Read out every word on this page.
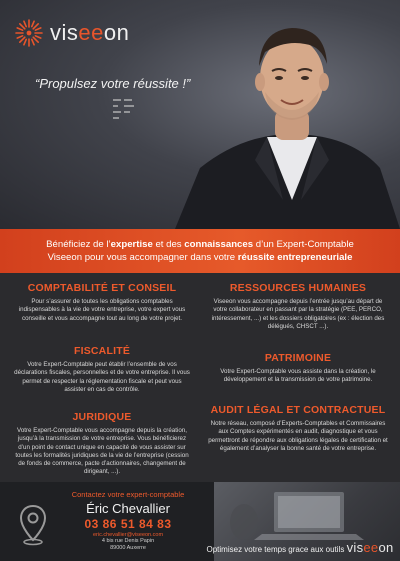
viseeon
“Propulsez votre réussite !”
Bénéficiez de l’expertise et des connaissances d’un Expert-Comptable
Viseeon pour vous accompagner dans votre réussite entrepreneuriale
COMPTABILITÉ ET CONSEIL

Pour s’assurer de toutes les obligations comptables indispensables à la vie de votre entreprise, votre expert vous conseille et vous accompagne tout au long de votre projet.

FISCALITÉ

Votre Expert-Comptable peut établir l’ensemble de vos déclarations fiscales, personnelles et de votre entreprise. Il vous permet de respecter la réglementation fiscale et peut vous assister en cas de contrôle.

JURIDIQUE

Votre Expert-Comptable vous accompagne depuis la création, jusqu’à la transmission de votre entreprise. Vous bénéficierez d’un point de contact unique en capacité de vous assister sur toutes les formalités juridiques de la vie de l’entreprise (cession de fonds de commerce, pacte d’actionnaires, changement de dirigeant, ...).

RESSOURCES HUMAINES

Viseeon vous accompagne depuis l’entrée jusqu’au départ de votre collaborateur en passant par la stratégie (PEE, PERCO, intéressement, ...) et les dossiers obligatoires (ex : élection des délégués, CHSCT ...).

PATRIMOINE

Votre Expert-Comptable vous assiste dans la création, le développement et la transmission de votre patrimoine.

AUDIT LÉGAL ET CONTRACTUEL

Notre réseau, composé d’Experts-Comptables et Commissaires aux Comptes expérimentés en audit, diagnostique et vous permettront de répondre aux obligations légales de certification et également d’analyser la bonne santé de votre entreprise.

Contactez votre expert-comptable
Éric Chevallier
03 86 51 84 83
eric.chevallier@viseeon.com
4 bis rue Denis Papin
89000 Auxerre	Optimisez votre temps grace aux outils viseeon
